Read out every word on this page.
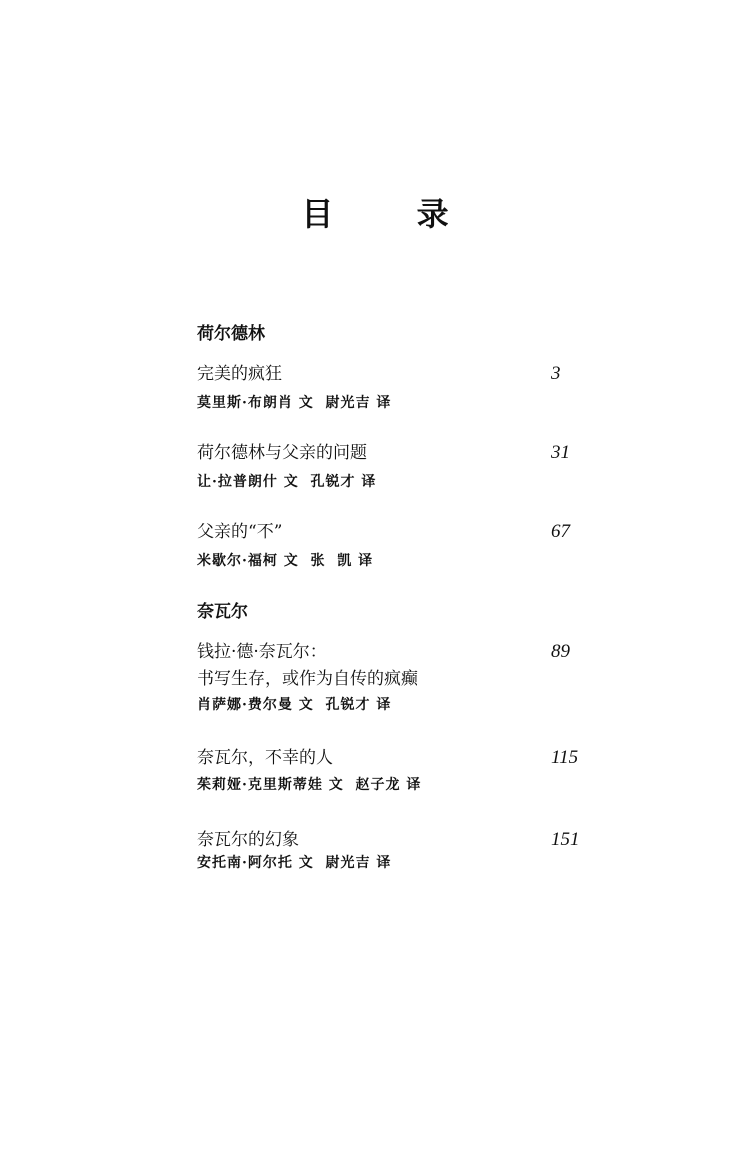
目 录
荷尔德林
完美的疯狂	3
莫里斯·布朗肖 文  尉光吉 译
荷尔德林与父亲的问题	31
让·拉普朗什 文  孔锐才 译
父亲的“不”	67
米歇尔·福柯 文  张  凯 译
奈瓦尔
钱拉·德·奈瓦尔：	89
书写生存，或作为自传的疯癫
肖萨娜·费尔曼 文  孔锐才 译
奈瓦尔，不幸的人	115
茱莉娅·克里斯蒂娃 文  赵子龙 译
奈瓦尔的幻象	151
安托南·阿尔托 文  尉光吉 译
